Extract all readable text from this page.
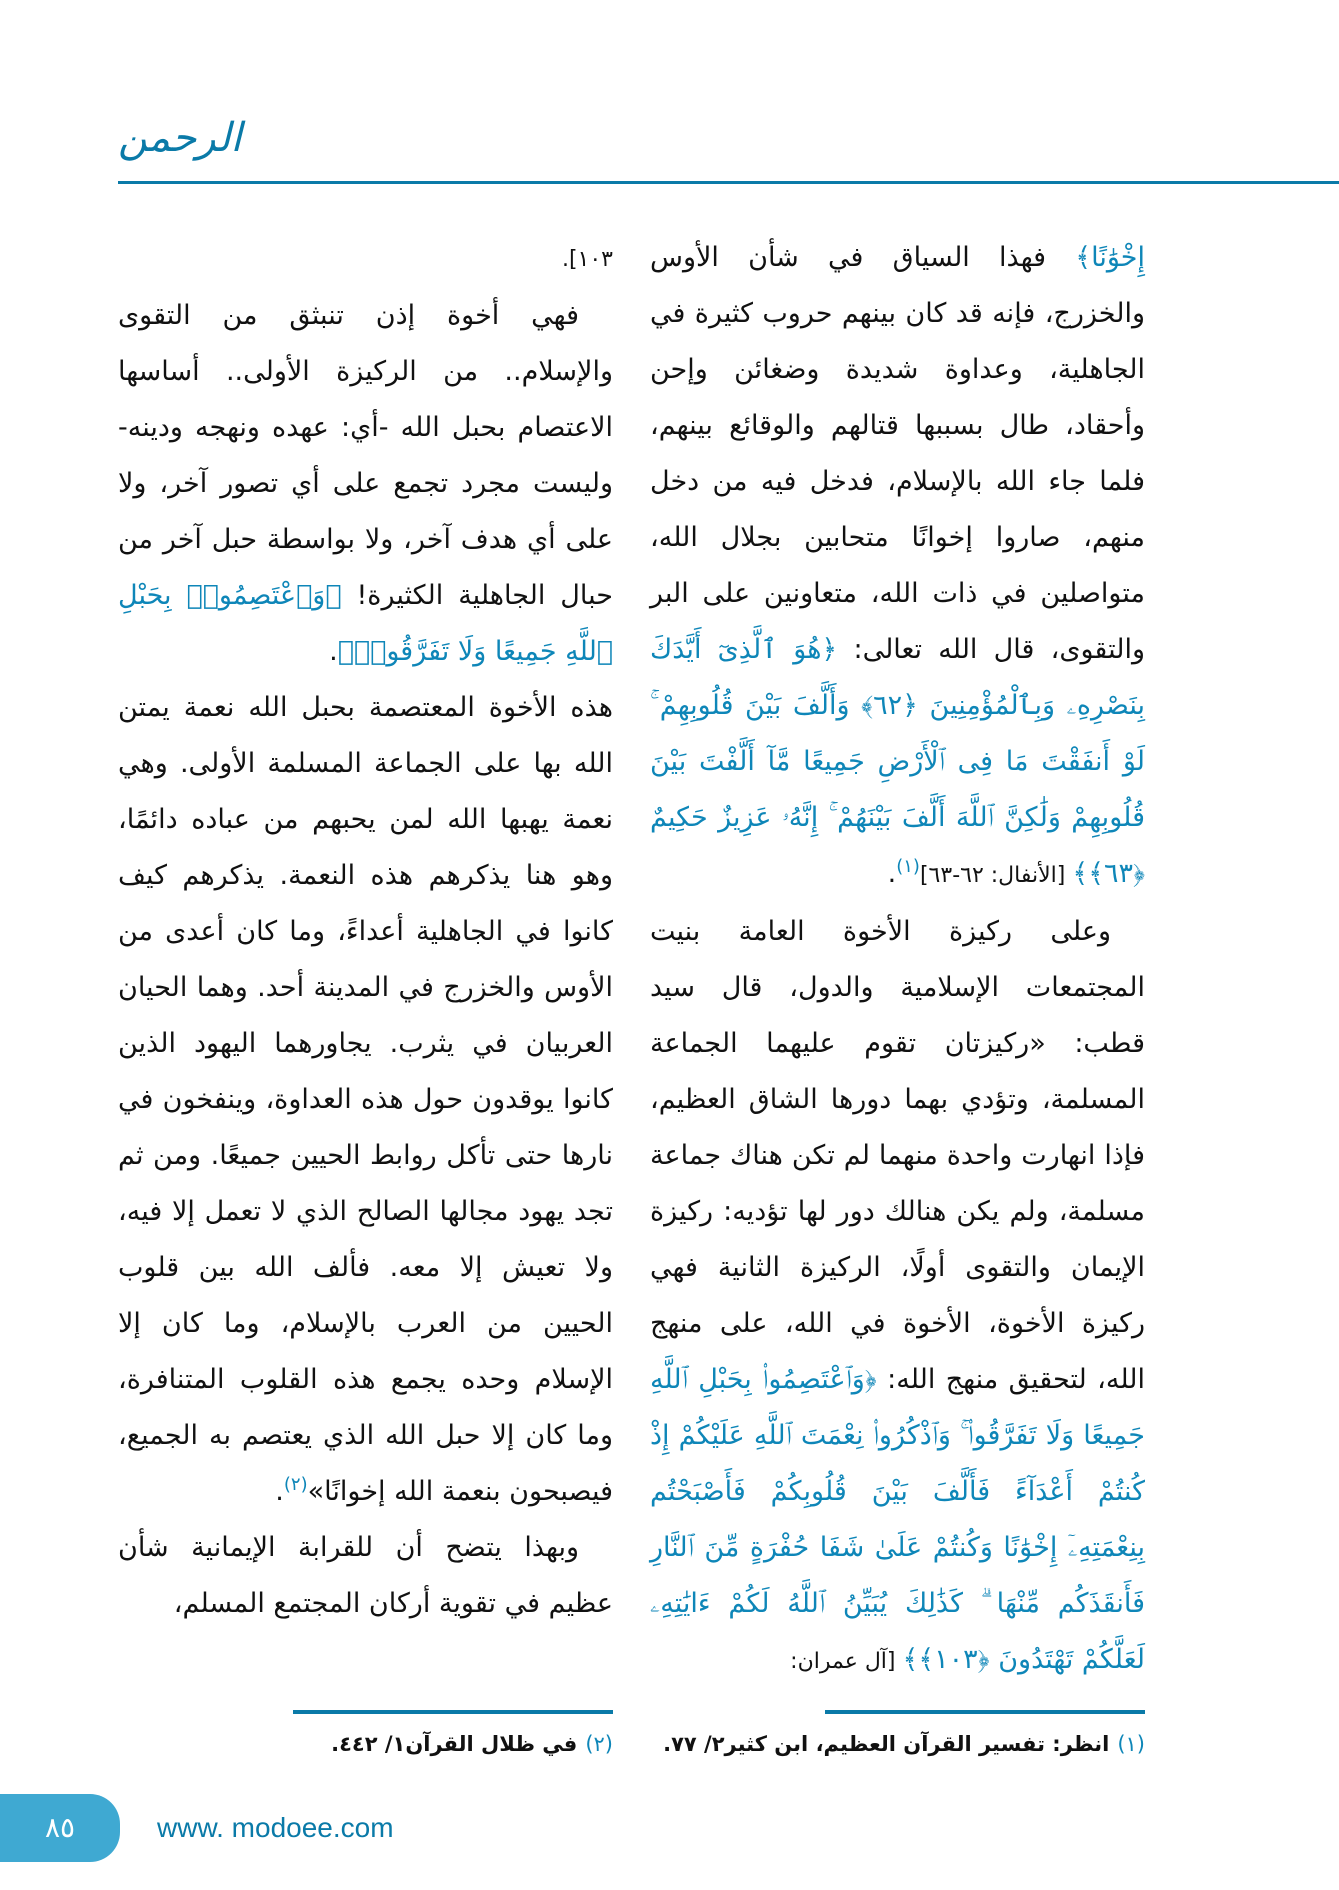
الرحمن

١٠٣].

فهي أخوة إذن تنبثق من التقوى والإسلام.. من الركيزة الأولى.. أساسها الاعتصام بحبل الله -أي: عهده ونهجه ودينه- وليست مجرد تجمع على أي تصور آخر، ولا على أي هدف آخر، ولا بواسطة حبل آخر من حبال الجاهلية الكثيرة! ﴿وَٱعْتَصِمُوا۟ بِحَبْلِ ٱللَّهِ جَمِيعًا وَلَا تَفَرَّقُوا۟﴾.

هذه الأخوة المعتصمة بحبل الله نعمة يمتن الله بها على الجماعة المسلمة الأولى. وهي نعمة يهبها الله لمن يحبهم من عباده دائمًا، وهو هنا يذكرهم هذه النعمة. يذكرهم كيف كانوا في الجاهلية أعداءً، وما كان أعدى من الأوس والخزرج في المدينة أحد. وهما الحيان العربيان في يثرب. يجاورهما اليهود الذين كانوا يوقدون حول هذه العداوة، وينفخون في نارها حتى تأكل روابط الحيين جميعًا. ومن ثم تجد يهود مجالها الصالح الذي لا تعمل إلا فيه، ولا تعيش إلا معه. فألف الله بين قلوب الحيين من العرب بالإسلام، وما كان إلا الإسلام وحده يجمع هذه القلوب المتنافرة، وما كان إلا حبل الله الذي يعتصم به الجميع، فيصبحون بنعمة الله إخوانًا»$^{(٢)}$.

وبهذا يتضح أن للقرابة الإيمانية شأن عظيم في تقوية أركان المجتمع المسلم،

إِخْوَٰنًا﴾ فهذا السياق في شأن الأوس والخزرج، فإنه قد كان بينهم حروب كثيرة في الجاهلية، وعداوة شديدة وضغائن وإحن وأحقاد، طال بسببها قتالهم والوقائع بينهم، فلما جاء الله بالإسلام، فدخل فيه من دخل منهم، صاروا إخوانًا متحابين بجلال الله، متواصلين في ذات الله، متعاونين على البر والتقوى، قال الله تعالى: ﴿هُوَ ٱلَّذِىٓ أَيَّدَكَ بِنَصْرِهِۦ وَبِٱلْمُؤْمِنِينَ ﴿٦٢﴾ وَأَلَّفَ بَيْنَ قُلُوبِهِمْ ۚ لَوْ أَنفَقْتَ مَا فِى ٱلْأَرْضِ جَمِيعًا مَّآ أَلَّفْتَ بَيْنَ قُلُوبِهِمْ وَلَٰكِنَّ ٱللَّهَ أَلَّفَ بَيْنَهُمْ ۚ إِنَّهُۥ عَزِيزٌ حَكِيمٌ ﴿٦٣﴾﴾ [الأنفال: ٦٢-٦٣]$^{(١)}$.

وعلى ركيزة الأخوة العامة بنيت المجتمعات الإسلامية والدول، قال سيد قطب: «ركيزتان تقوم عليهما الجماعة المسلمة، وتؤدي بهما دورها الشاق العظيم، فإذا انهارت واحدة منهما لم تكن هناك جماعة مسلمة، ولم يكن هنالك دور لها تؤديه: ركيزة الإيمان والتقوى أولًا، الركيزة الثانية فهي ركيزة الأخوة، الأخوة في الله، على منهج الله، لتحقيق منهج الله: ﴿وَٱعْتَصِمُوا۟ بِحَبْلِ ٱللَّهِ جَمِيعًا وَلَا تَفَرَّقُوا۟ ۚ وَٱذْكُرُوا۟ نِعْمَتَ ٱللَّهِ عَلَيْكُمْ إِذْ كُنتُمْ أَعْدَآءً فَأَلَّفَ بَيْنَ قُلُوبِكُمْ فَأَصْبَحْتُم بِنِعْمَتِهِۦٓ إِخْوَٰنًا وَكُنتُمْ عَلَىٰ شَفَا حُفْرَةٍ مِّنَ ٱلنَّارِ فَأَنقَذَكُم مِّنْهَا ۗ كَذَٰلِكَ يُبَيِّنُ ٱللَّهُ لَكُمْ ءَايَٰتِهِۦ لَعَلَّكُمْ تَهْتَدُونَ ﴿١٠٣﴾﴾ [آل عمران:

(٢)في ظلال القرآن١/ ٤٤٢.	(١)انظر: تفسير القرآن العظيم، ابن كثير٢/ ٧٧.
٨٥	www. modoee.com
